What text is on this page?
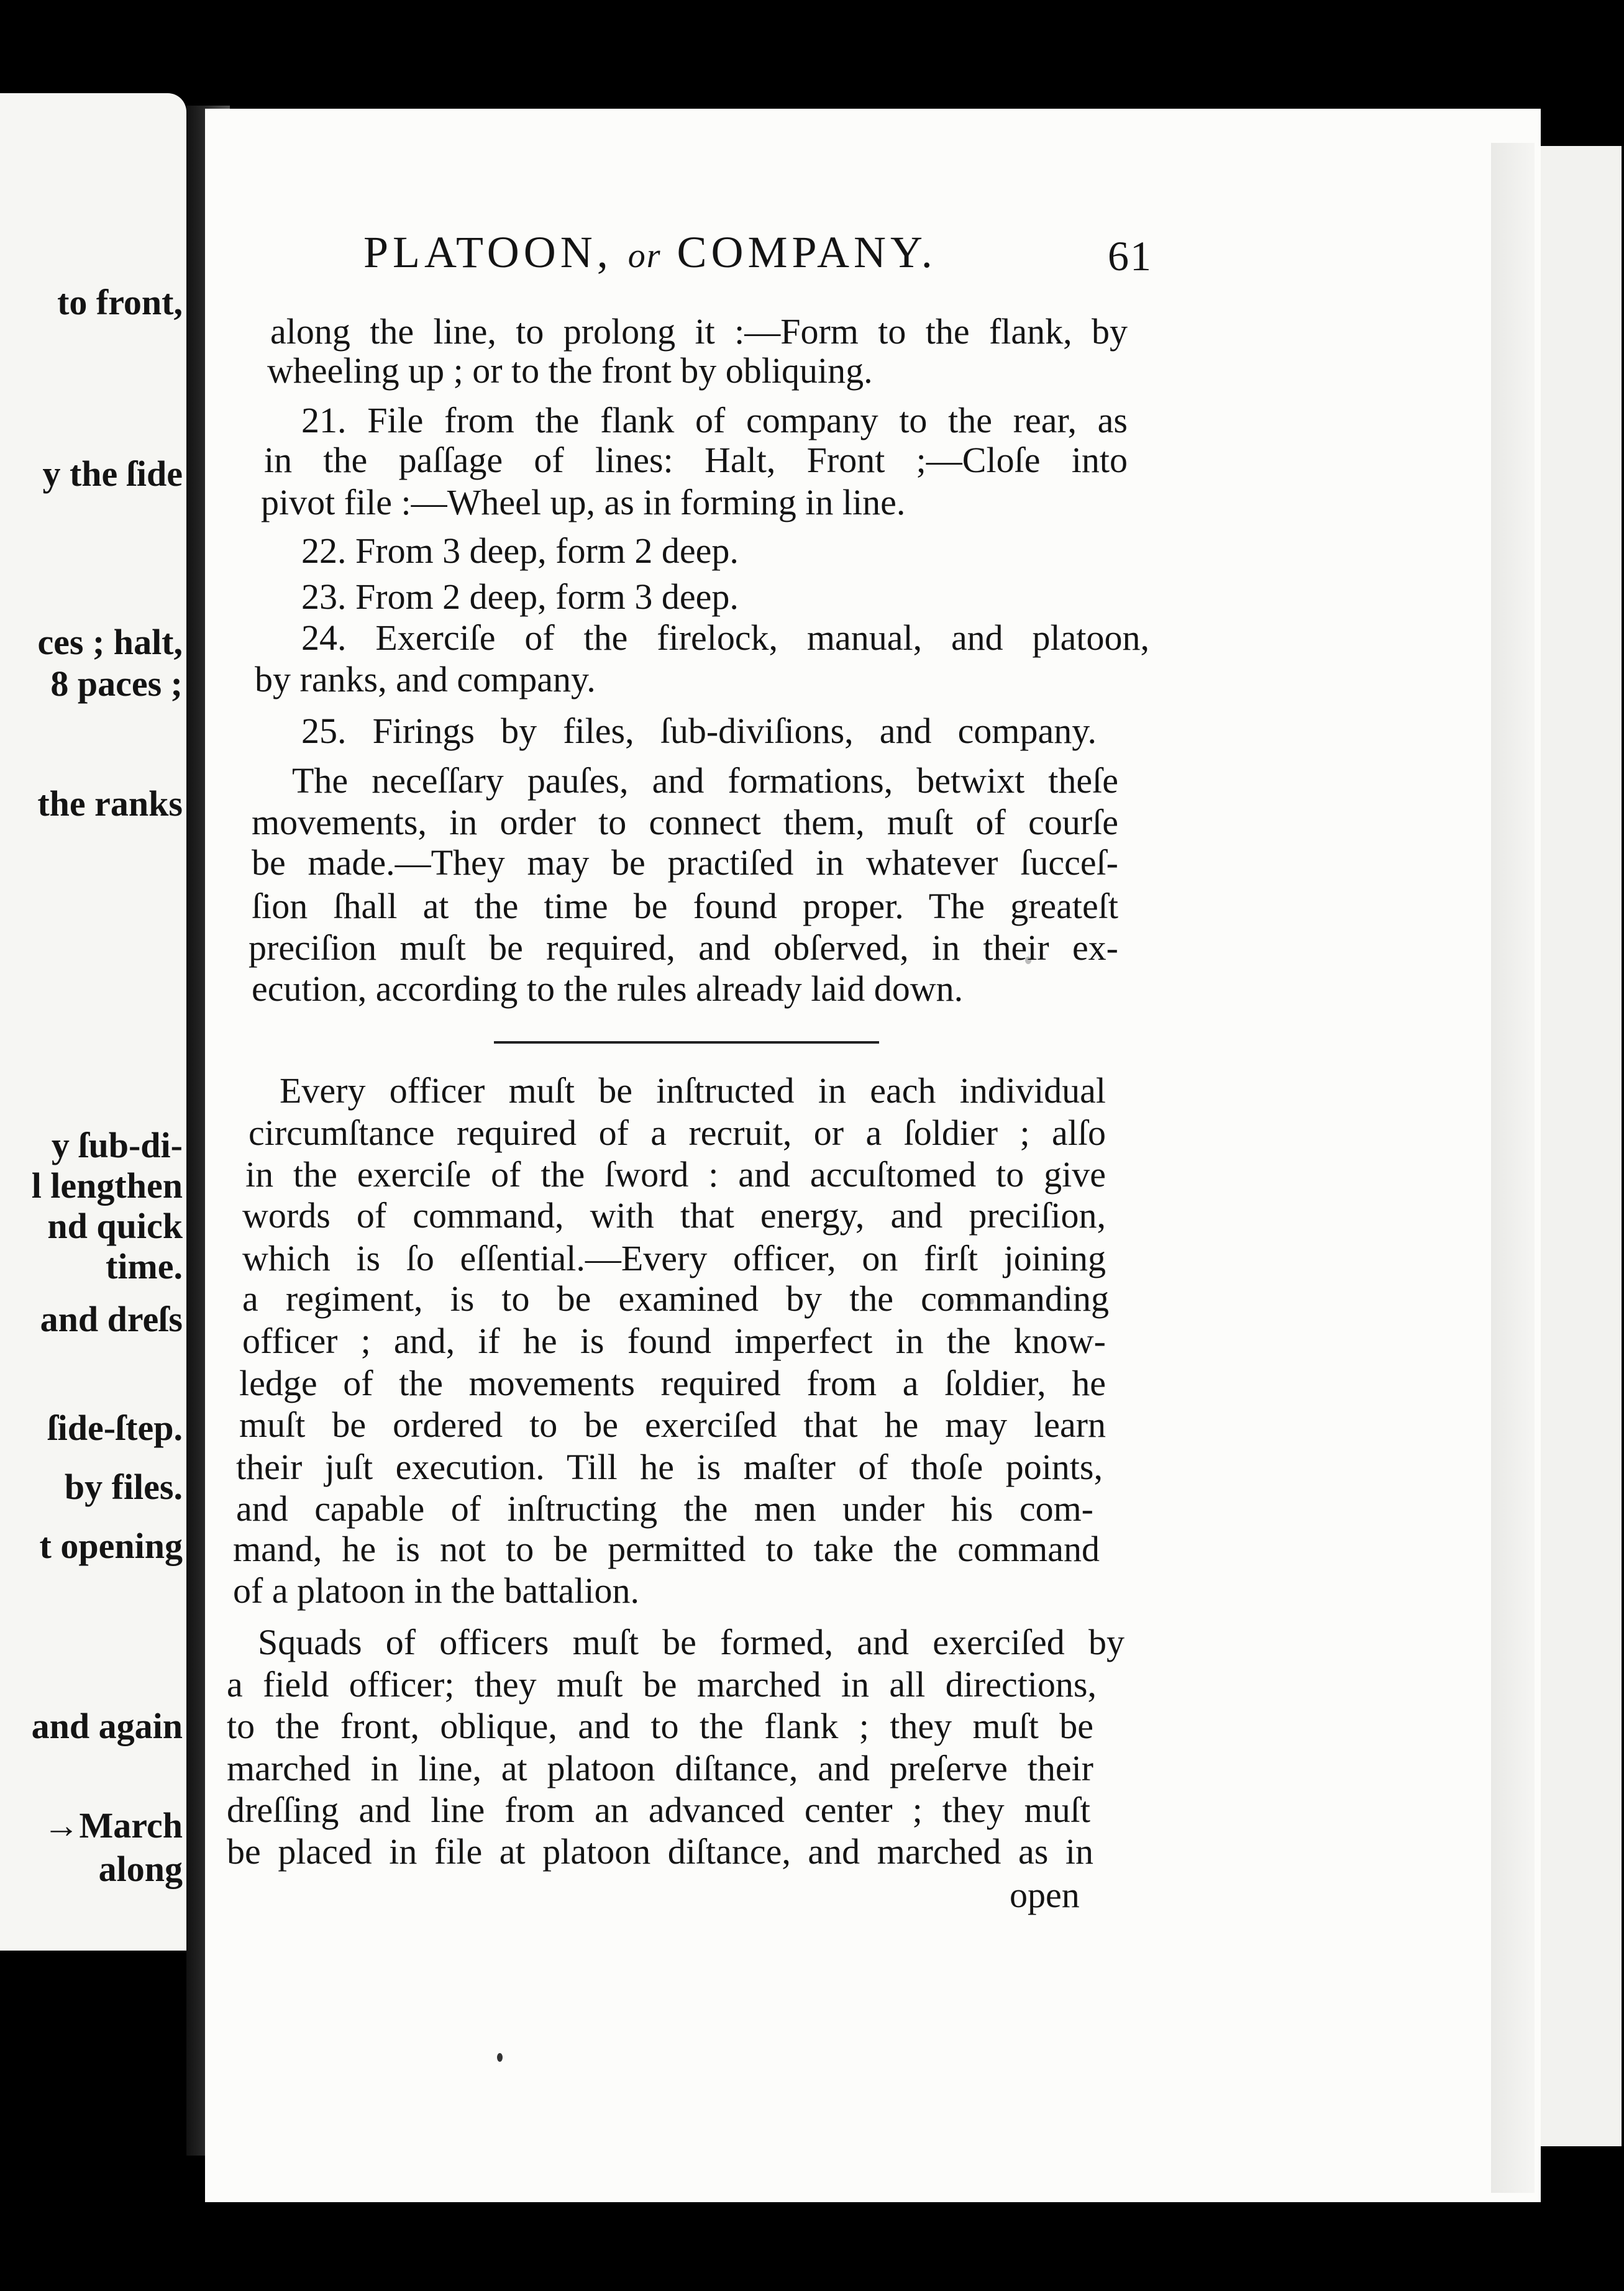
to front,
y the ſide
ces ; halt,
8 paces ;
the ranks
y ſub-di-
l lengthen
nd quick
time.
and dreſs
ſide-ſtep.
by files.
t opening
and again
→March
along
PLATOON, or COMPANY.	61
along the line, to prolong it :—Form to the flank, by
wheeling up ; or to the front by obliquing.
21. File from the flank of company to the rear, as
in the paſſage of lines: Halt, Front ;—Cloſe into
pivot file :—Wheel up, as in forming in line.
22. From 3 deep, form 2 deep.
23. From 2 deep, form 3 deep.
24. Exerciſe of the firelock, manual, and platoon,
by ranks, and company.
25. Firings by files, ſub-diviſions, and company.
The neceſſary pauſes, and formations, betwixt theſe
movements, in order to connect them, muſt of courſe
be made.—They may be practiſed in whatever ſucceſ-
ſion ſhall at the time be found proper. The greateſt
preciſion muſt be required, and obſerved, in their ex-
ecution, according to the rules already laid down.
Every officer muſt be inſtructed in each individual
circumſtance required of a recruit, or a ſoldier ; alſo
in the exerciſe of the ſword : and accuſtomed to give
words of command, with that energy, and preciſion,
which is ſo eſſential.—Every officer, on firſt joining
a regiment, is to be examined by the commanding
officer ; and, if he is found imperfect in the know-
ledge of the movements required from a ſoldier, he
muſt be ordered to be exerciſed that he may learn
their juſt execution. Till he is maſter of thoſe points,
and capable of inſtructing the men under his com-
mand, he is not to be permitted to take the command
of a platoon in the battalion.
Squads of officers muſt be formed, and exerciſed by
a field officer; they muſt be marched in all directions,
to the front, oblique, and to the flank ; they muſt be
marched in line, at platoon diſtance, and preſerve their
dreſſing and line from an advanced center ; they muſt
be placed in file at platoon diſtance, and marched as in
open
